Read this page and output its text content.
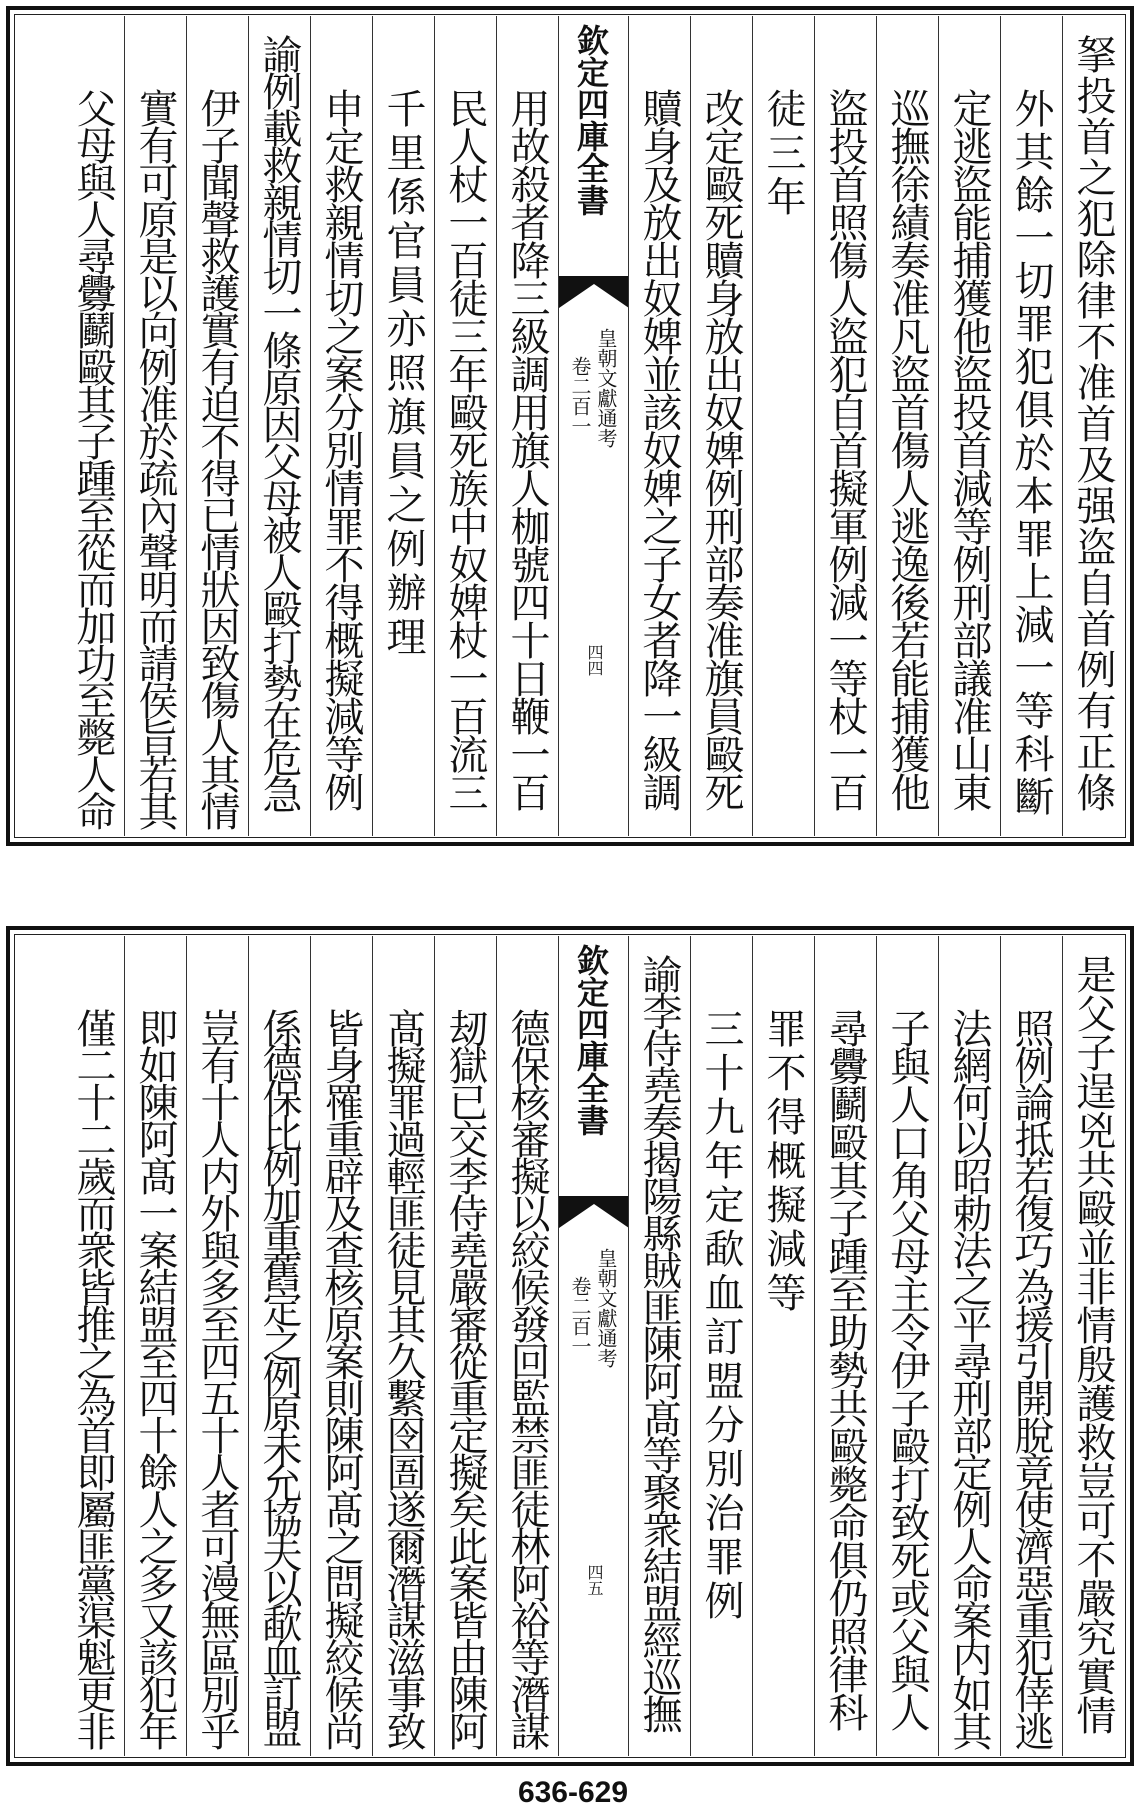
拏投首之犯除律不准首及强盗自首例有正條
外其餘一切罪犯俱於本罪上減一等科斷
定逃盜能捕獲他盜投首減等例刑部議准山東
巡撫徐績奏准凡盜首傷人逃逸後若能捕獲他
盜投首照傷人盜犯自首擬軍例減一等杖一百
徒三年
改定毆死贖身放出奴婢例刑部奏准旗員毆死
贖身及放出奴婢並該奴婢之子女者降一級調
欽定四庫全書
皇朝文獻通考
卷二百一
四四
用故殺者降三級調用旗人枷號四十日鞭一百
民人杖一百徒三年毆死族中奴婢杖一百流三
千里係官員亦照旗員之例辦理
申定救親情切之案分別情罪不得概擬減等例
諭例載救親情切一條原因父母被人毆打勢在危急
伊子聞聲救護實有迫不得已情狀因致傷人其情
實有可原是以向例准於疏內聲明而請侯旨若其
父母與人尋釁鬬毆其子踵至從而加功至斃人命
是父子逞兇共毆並非情殷護救豈可不嚴究實情
照例論抵若復巧為援引開脫竟使濟惡重犯倖逃
法網何以昭勅法之平尋刑部定例人命案内如其
子與人口角父母主令伊子毆打致死或父與人
尋釁鬬毆其子踵至助勢共毆斃命俱仍照律科
罪不得概擬減等
三十九年定歃血訂盟分別治罪例
諭李侍堯奏揭陽縣賊匪陳阿髙等聚衆結盟經巡撫
欽定四庫全書
皇朝文獻通考
卷二百一
四五
德保核審擬以絞候發回監禁匪徒林阿裕等潛謀
刼獄已交李侍堯嚴審從重定擬矣此案皆由陳阿
髙擬罪過輕匪徒見其久繫囹圄遂爾潛謀滋事致
皆身罹重辟及查核原案則陳阿髙之問擬絞候尚
係德保比例加重舊定之例原未允協夫以歃血訂盟
豈有十人内外與多至四五十人者可漫無區別乎
即如陳阿髙一案結盟至四十餘人之多又該犯年
僅二十二歲而衆皆推之為首即屬匪黨渠魁更非
636-629
